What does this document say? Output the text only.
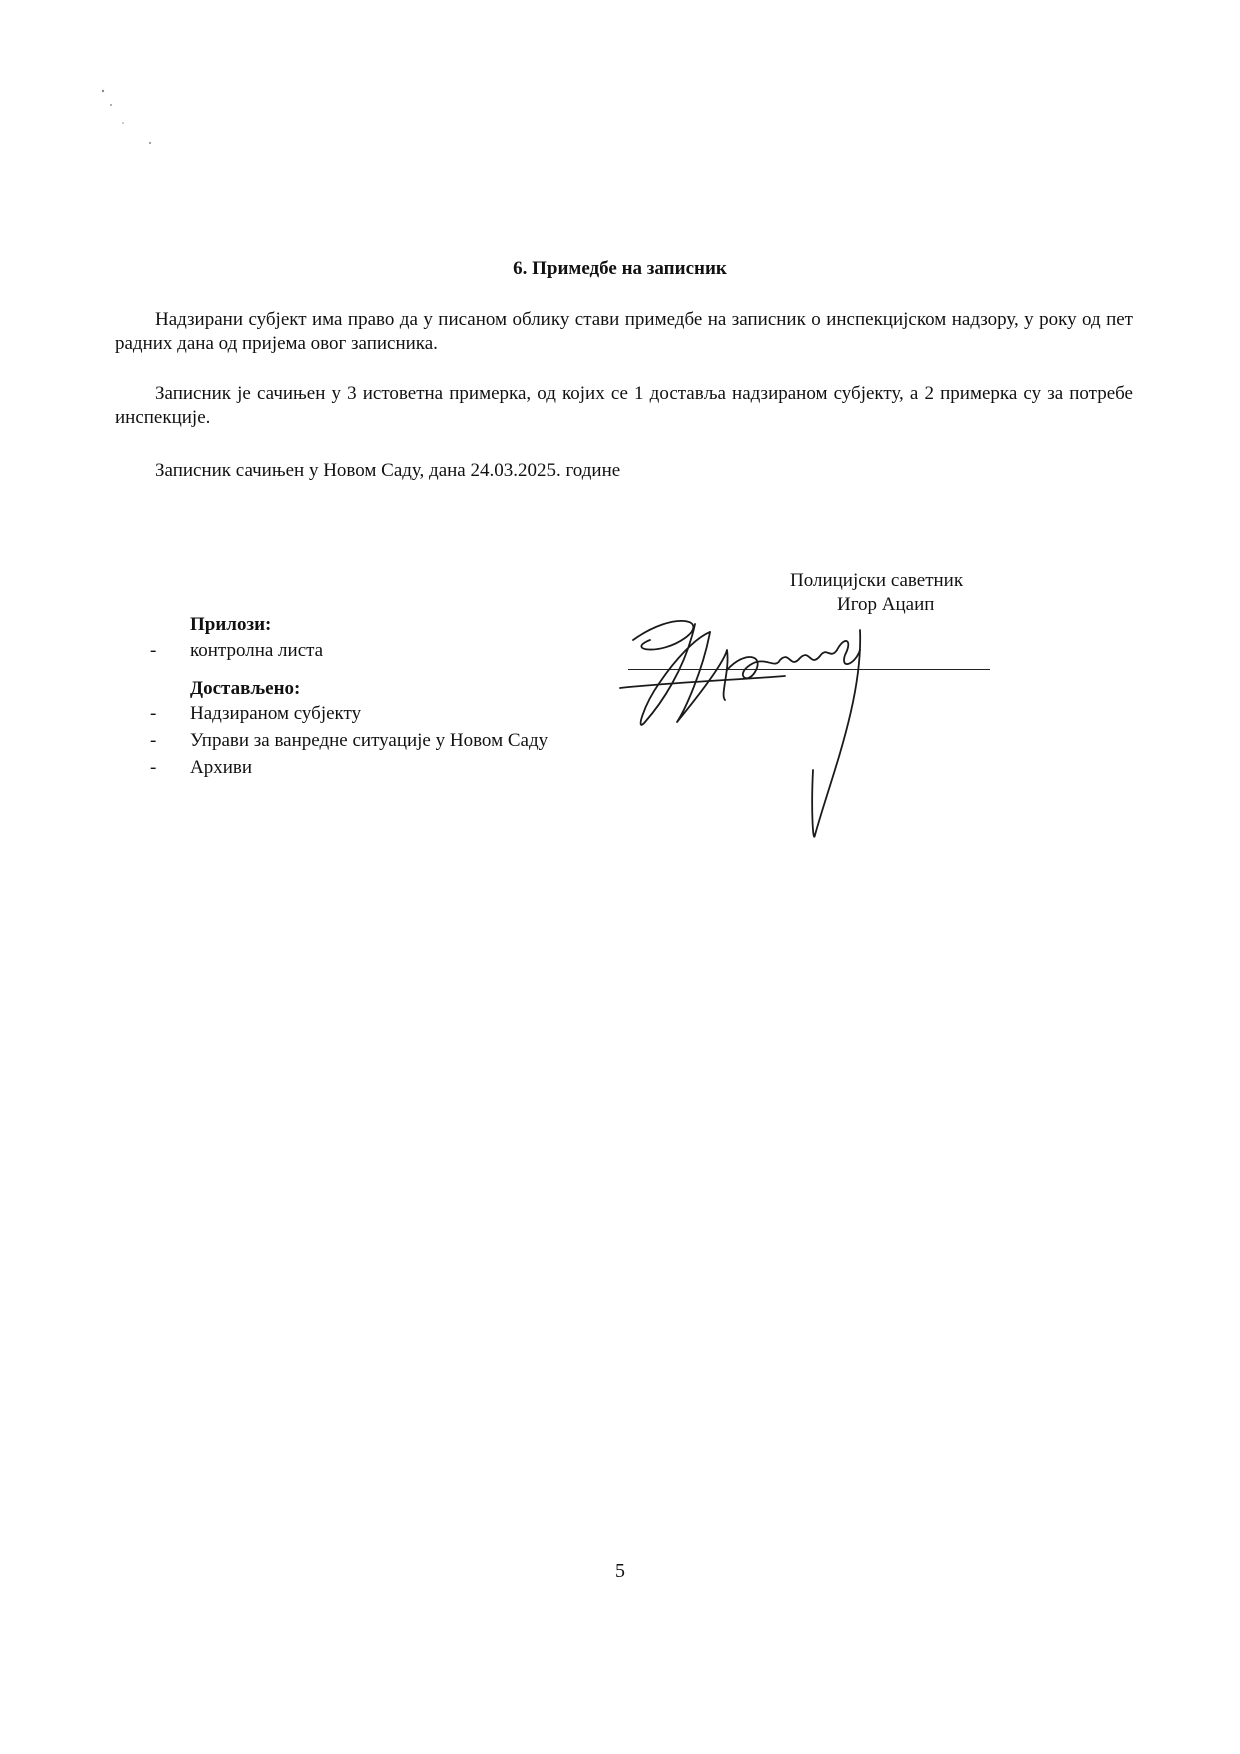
6. Примедбе на записник

Надзирани субјект има право да у писаном облику стави примедбе на записник о инспекцијском надзору, у року од пет радних дана од пријема овог записника.

Записник је сачињен у 3 истоветна примерка, од којих се 1 доставља надзираном субјекту, а 2 примерка су за потребе инспекције.

Записник сачињен у Новом Саду, дана 24.03.2025. године
Полицијски саветник
Игор Ацаип
Прилози:
- контролна листа
Достављено:
- Надзираном субјекту
- Управи за ванредне ситуације у Новом Саду
- Архиви
5
